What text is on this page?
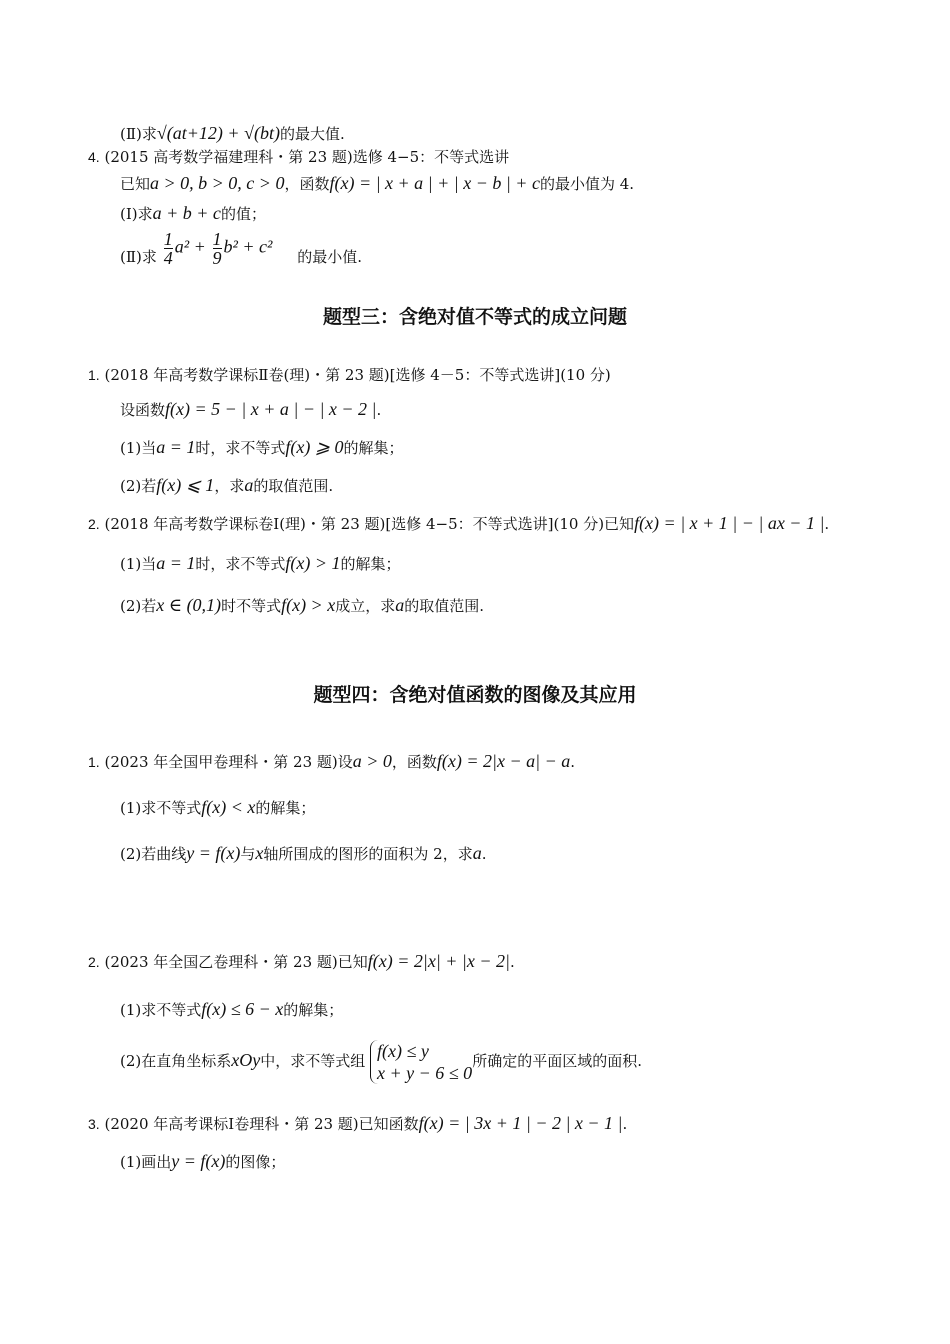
(Ⅱ)求√(at+12) + √(bt)的最大值.
4. (2015 高考数学福建理科・第 23 题)选修 4−5：不等式选讲
已知a > 0, b > 0, c > 0，函数f(x) = | x + a | + | x − b | + c的最小值为 4.
(Ⅰ)求a + b + c的值；
(Ⅱ)求 $\frac{1}{4} a^2 + \frac{1}{9} b^2 + c^2$ 的最小值.
题型三：含绝对值不等式的成立问题
1. (2018 年高考数学课标Ⅱ卷(理)・第 23 题)[选修 4－5：不等式选讲](10 分)
设函数f(x) = 5 − | x + a | − | x − 2 |.
(1)当a = 1时，求不等式f(x) ⩾ 0的解集；
(2)若f(x) ⩽ 1，求a的取值范围.
2. (2018 年高考数学课标卷Ⅰ(理)・第 23 题)[选修 4−5：不等式选讲](10 分)已知f(x) = | x + 1 | − | ax − 1 |.
(1)当a = 1时，求不等式f(x) > 1的解集；
(2)若x ∈ (0,1)时不等式f(x) > x成立，求a的取值范围.
题型四：含绝对值函数的图像及其应用
1. (2023 年全国甲卷理科・第 23 题)设a > 0，函数f(x) = 2|x − a| − a.
(1)求不等式f(x) < x的解集；
(2)若曲线y = f(x)与x轴所围成的图形的面积为 2，求a.
2. (2023 年全国乙卷理科・第 23 题)已知f(x) = 2|x| + |x − 2|.
(1)求不等式f(x) ≤ 6 − x的解集；
(2)在直角坐标系xOy中，求不等式组 f(x) ≤ y
x + y − 6 ≤ 0
所确定的平面区域的面积.
3. (2020 年高考课标Ⅰ卷理科・第 23 题)已知函数f(x) = | 3x + 1 | − 2 | x − 1 |.
(1)画出y = f(x)的图像；
